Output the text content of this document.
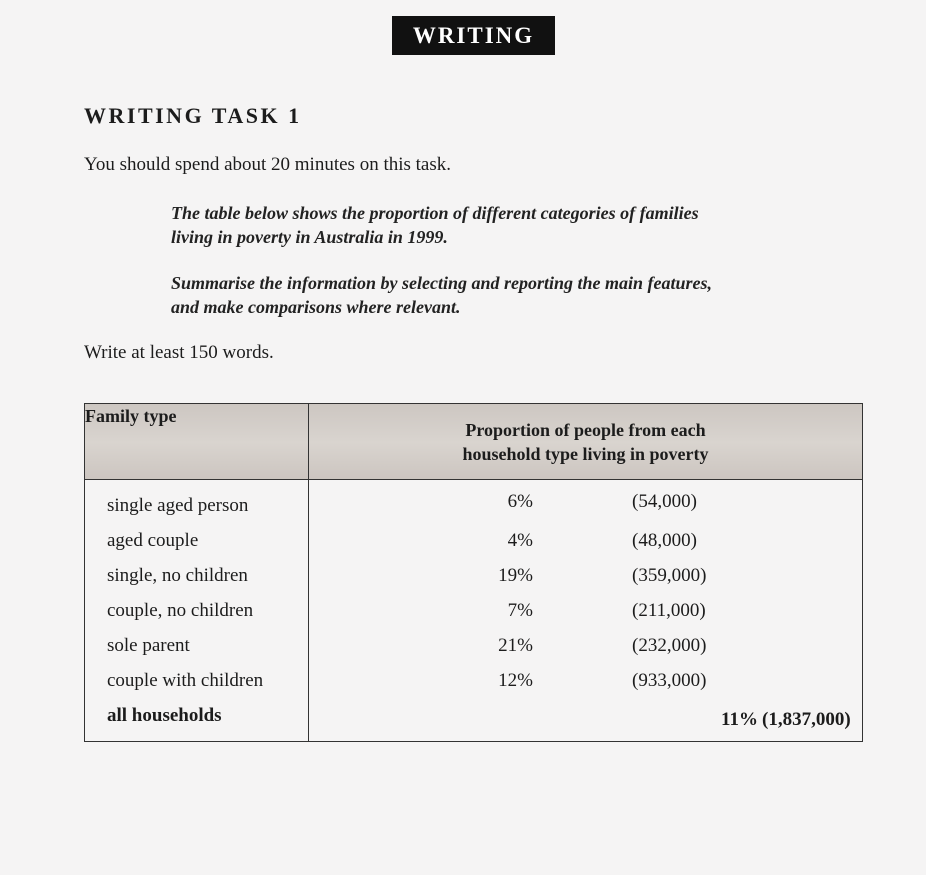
WRITING
WRITING TASK 1
You should spend about 20 minutes on this task.
The table below shows the proportion of different categories of families
living in poverty in Australia in 1999.
Summarise the information by selecting and reporting the main features,
and make comparisons where relevant.
Write at least 150 words.
Family type	Proportion of people from each
household type living in poverty

single aged person	6% (54,000)

aged couple	4% (48,000)

single, no children	19% (359,000)

couple, no children	7% (211,000)

sole parent	21% (232,000)

couple with children	12% (933,000)

all households	11% (1,837,000)
